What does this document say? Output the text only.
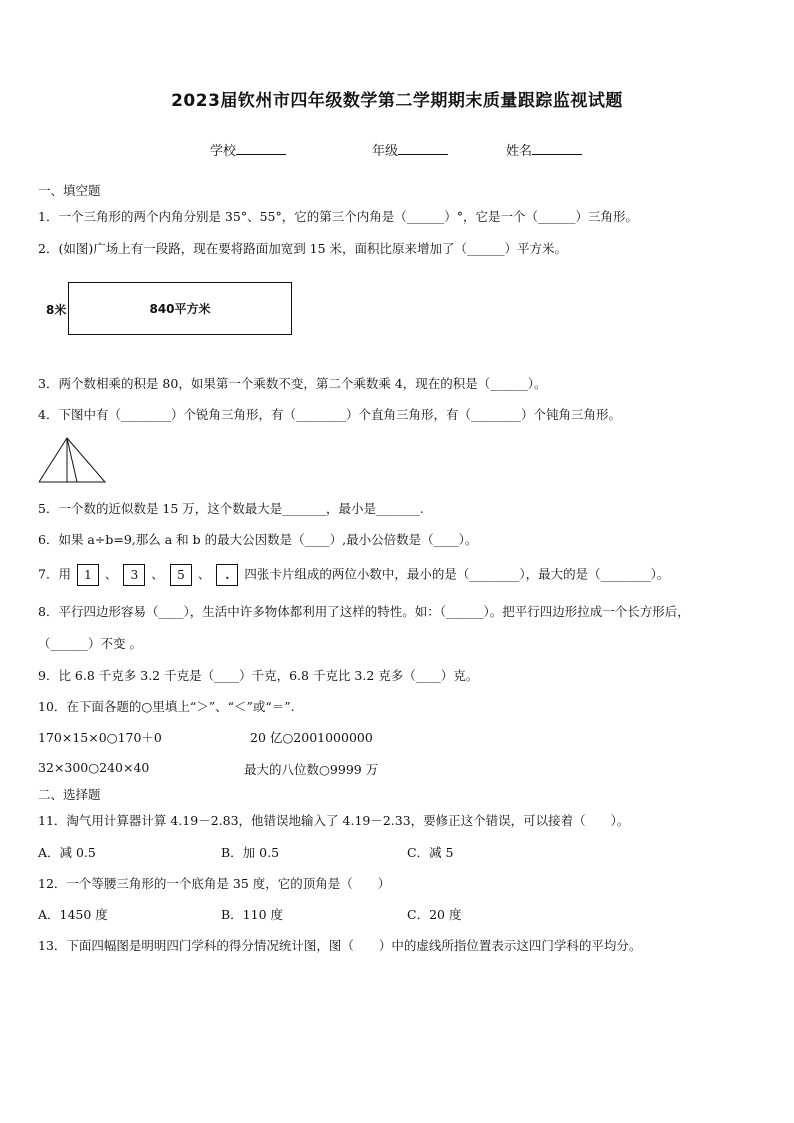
2023届钦州市四年级数学第二学期期末质量跟踪监视试题
学校	年级	姓名
一、填空题
1．一个三角形的两个内角分别是 35°、55°，它的第三个内角是（______）°，它是一个（______）三角形。
2．(如图)广场上有一段路，现在要将路面加宽到 15 米，面积比原来增加了（______）平方米。
8米	840平方米
3．两个数相乘的积是 80，如果第一个乘数不变，第二个乘数乘 4，现在的积是（______）。
4．下图中有（________）个锐角三角形，有（________）个直角三角形，有（________）个钝角三角形。
5．一个数的近似数是 15 万，这个数最大是_______，最小是_______.
6．如果 a÷b=9,那么 a 和 b 的最大公因数是（____）,最小公倍数是（____）。
7．用 1 、 3 、 5 、 . 四张卡片组成的两位小数中，最小的是（________），最大的是（________）。
8．平行四边形容易（____），生活中许多物体都利用了这样的特性。如：（______）。把平行四边形拉成一个长方形后，
（______）不变 。
9．比 6.8 千克多 3.2 千克是（____）千克，6.8 千克比 3.2 克多（____）克。
10．在下面各题的○里填上“＞”、“＜”或“＝”.
170×15×0○170＋0	20 亿○2001000000
32×300○240×40	最大的八位数○9999 万
二、选择题
11．淘气用计算器计算 4.19－2.83，他错误地输入了 4.19－2.33，要修正这个错误，可以接着（　　）。
A．减 0.5	B．加 0.5	C．减 5
12．一个等腰三角形的一个底角是 35 度，它的顶角是（　　）
A．1450 度	B．110 度	C．20 度
13．下面四幅图是明明四门学科的得分情况统计图，图（　　）中的虚线所指位置表示这四门学科的平均分。
